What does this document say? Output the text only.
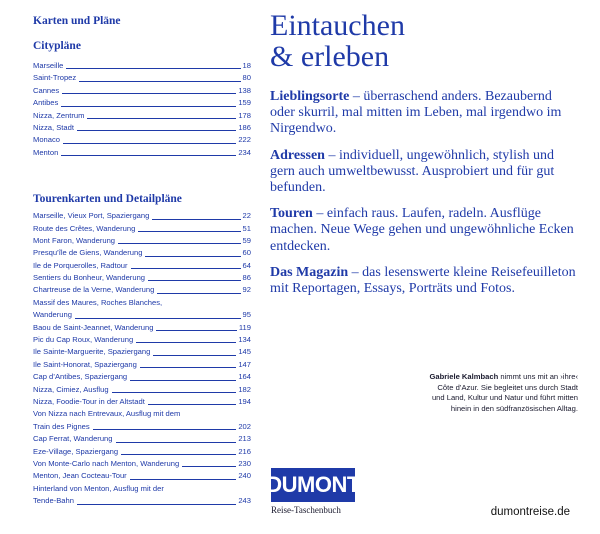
Karten und Pläne
Citypläne
Marseille	18
Saint-Tropez	80
Cannes	138
Antibes	159
Nizza, Zentrum	178
Nizza, Stadt	186
Monaco	222
Menton	234
Tourenkarten und Detailpläne
Marseille, Vieux Port, Spaziergang	22
Route des Crêtes, Wanderung	51
Mont Faron, Wanderung	59
Presqu’île de Giens, Wanderung	60
Ile de Porquerolles, Radtour	64
Sentiers du Bonheur, Wanderung	86
Chartreuse de la Verne, Wanderung	92
Massif des Maures, Roches Blanches,
Wanderung	95
Baou de Saint-Jeannet, Wanderung	119
Pic du Cap Roux, Wanderung	134
Ile Sainte-Marguerite, Spaziergang	145
Ile Saint-Honorat, Spaziergang	147
Cap d’Antibes, Spaziergang	164
Nizza, Cimiez, Ausflug	182
Nizza, Foodie-Tour in der Altstadt	194
Von Nizza nach Entrevaux, Ausflug mit dem
Train des Pignes	202
Cap Ferrat, Wanderung	213
Eze-Village, Spaziergang	216
Von Monte-Carlo nach Menton, Wanderung	230
Menton, Jean Cocteau-Tour	240
Hinterland von Menton, Ausflug mit der
Tende-Bahn	243
Eintauchen
& erleben
Lieblingsorte – überraschend anders. Bezaubernd oder skurril, mal mitten im Leben, mal irgendwo im Nirgendwo.
Adressen – individuell, ungewöhnlich, stylish und gern auch umweltbewusst. Ausprobiert und für gut befunden.
Touren – einfach raus. Laufen, radeln. Ausflüge machen. Neue Wege gehen und ungewöhnliche Ecken entdecken.
Das Magazin – das lesenswerte kleine Reisefeuilleton mit Reportagen, Essays, Porträts und Fotos.
Gabriele Kalmbach nimmt uns mit an ›ihre‹ Côte d’Azur. Sie begleitet uns durch Stadt und Land, Kultur und Natur und führt mitten hinein in den südfranzösischen Alltag.
DUMONT
Reise-Taschenbuch	dumontreise.de
